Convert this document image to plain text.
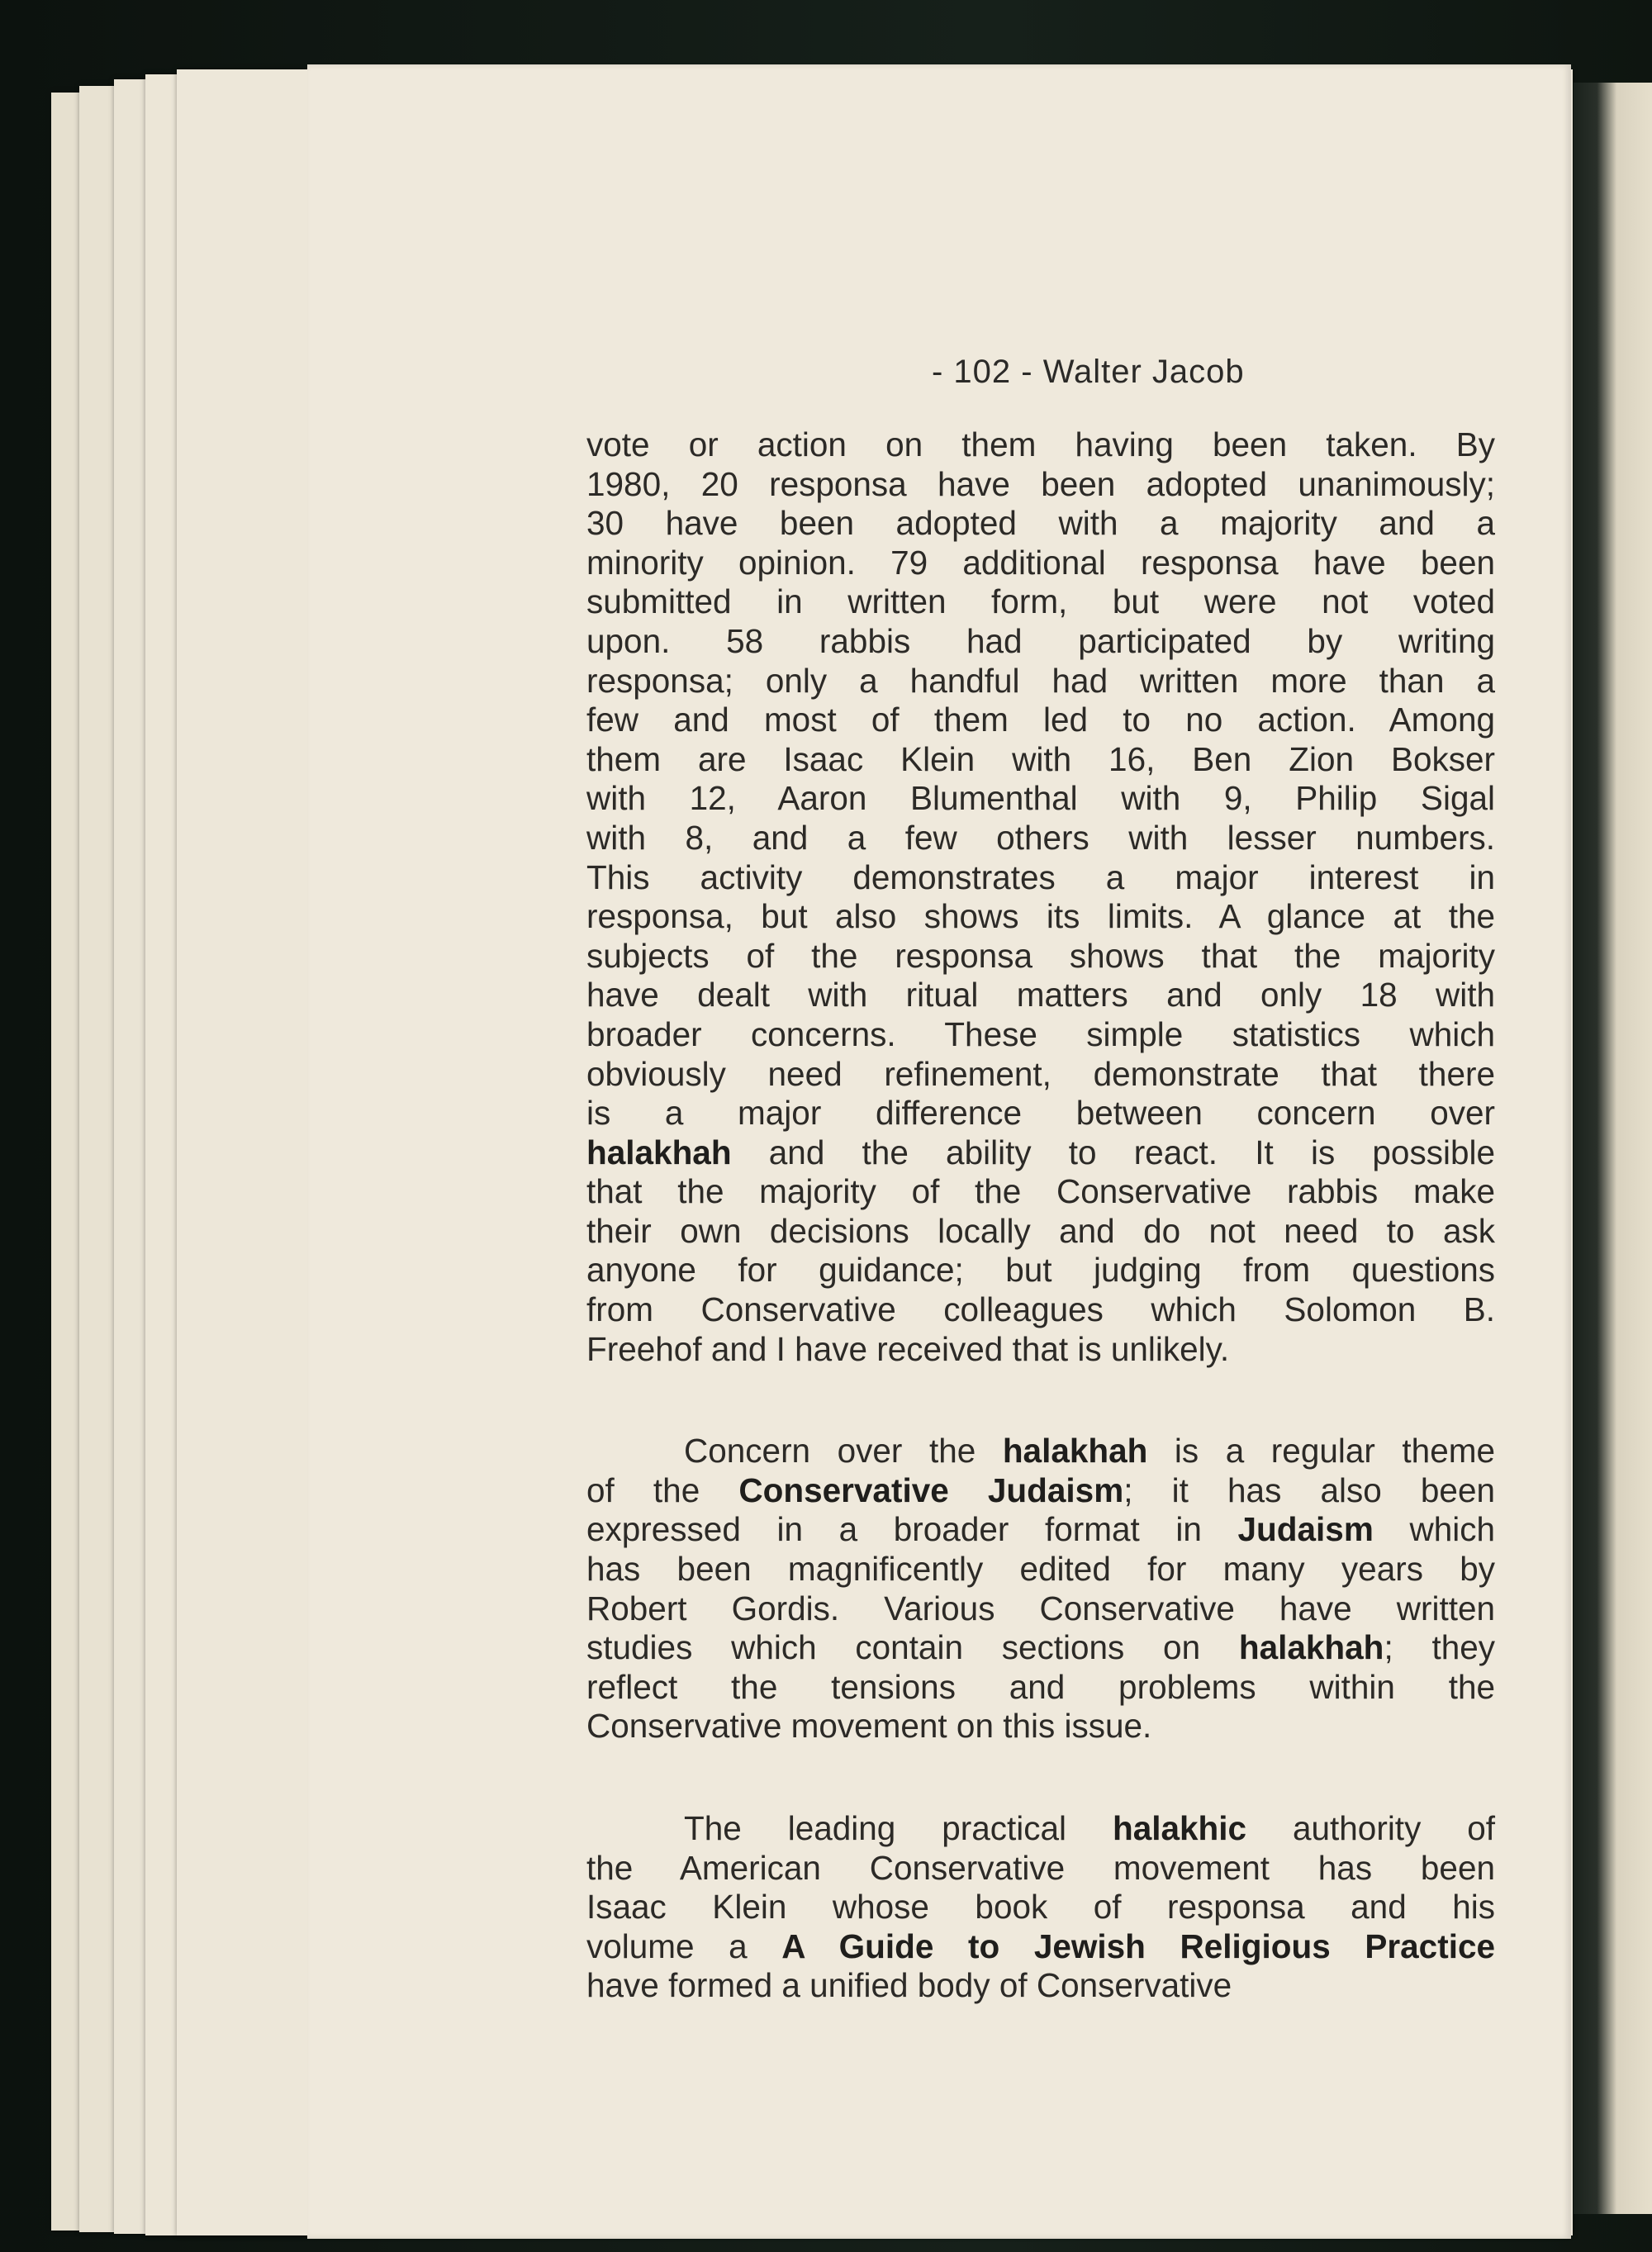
- 102 - Walter Jacob
vote or action on them having been taken. By
1980, 20 responsa have been adopted unanimously;
30 have been adopted with a majority and a
minority opinion. 79 additional responsa have been
submitted in written form, but were not voted
upon. 58 rabbis had participated by writing
responsa; only a handful had written more than a
few and most of them led to no action. Among
them are Isaac Klein with 16, Ben Zion Bokser
with 12, Aaron Blumenthal with 9, Philip Sigal
with 8, and a few others with lesser numbers.
This activity demonstrates a major interest in
responsa, but also shows its limits. A glance at the
subjects of the responsa shows that the majority
have dealt with ritual matters and only 18 with
broader concerns. These simple statistics which
obviously need refinement, demonstrate that there
is a major difference between concern over
halakhah and the ability to react. It is possible
that the majority of the Conservative rabbis make
their own decisions locally and do not need to ask
anyone for guidance; but judging from questions
from Conservative colleagues which Solomon B.
Freehof and I have received that is unlikely.
Concern over the halakhah is a regular theme
of the Conservative Judaism; it has also been
expressed in a broader format in Judaism which
has been magnificently edited for many years by
Robert Gordis. Various Conservative have written
studies which contain sections on halakhah; they
reflect the tensions and problems within the
Conservative movement on this issue.
The leading practical halakhic authority of
the American Conservative movement has been
Isaac Klein whose book of responsa and his
volume a A Guide to Jewish Religious Practice
have formed a unified body of Conservative
